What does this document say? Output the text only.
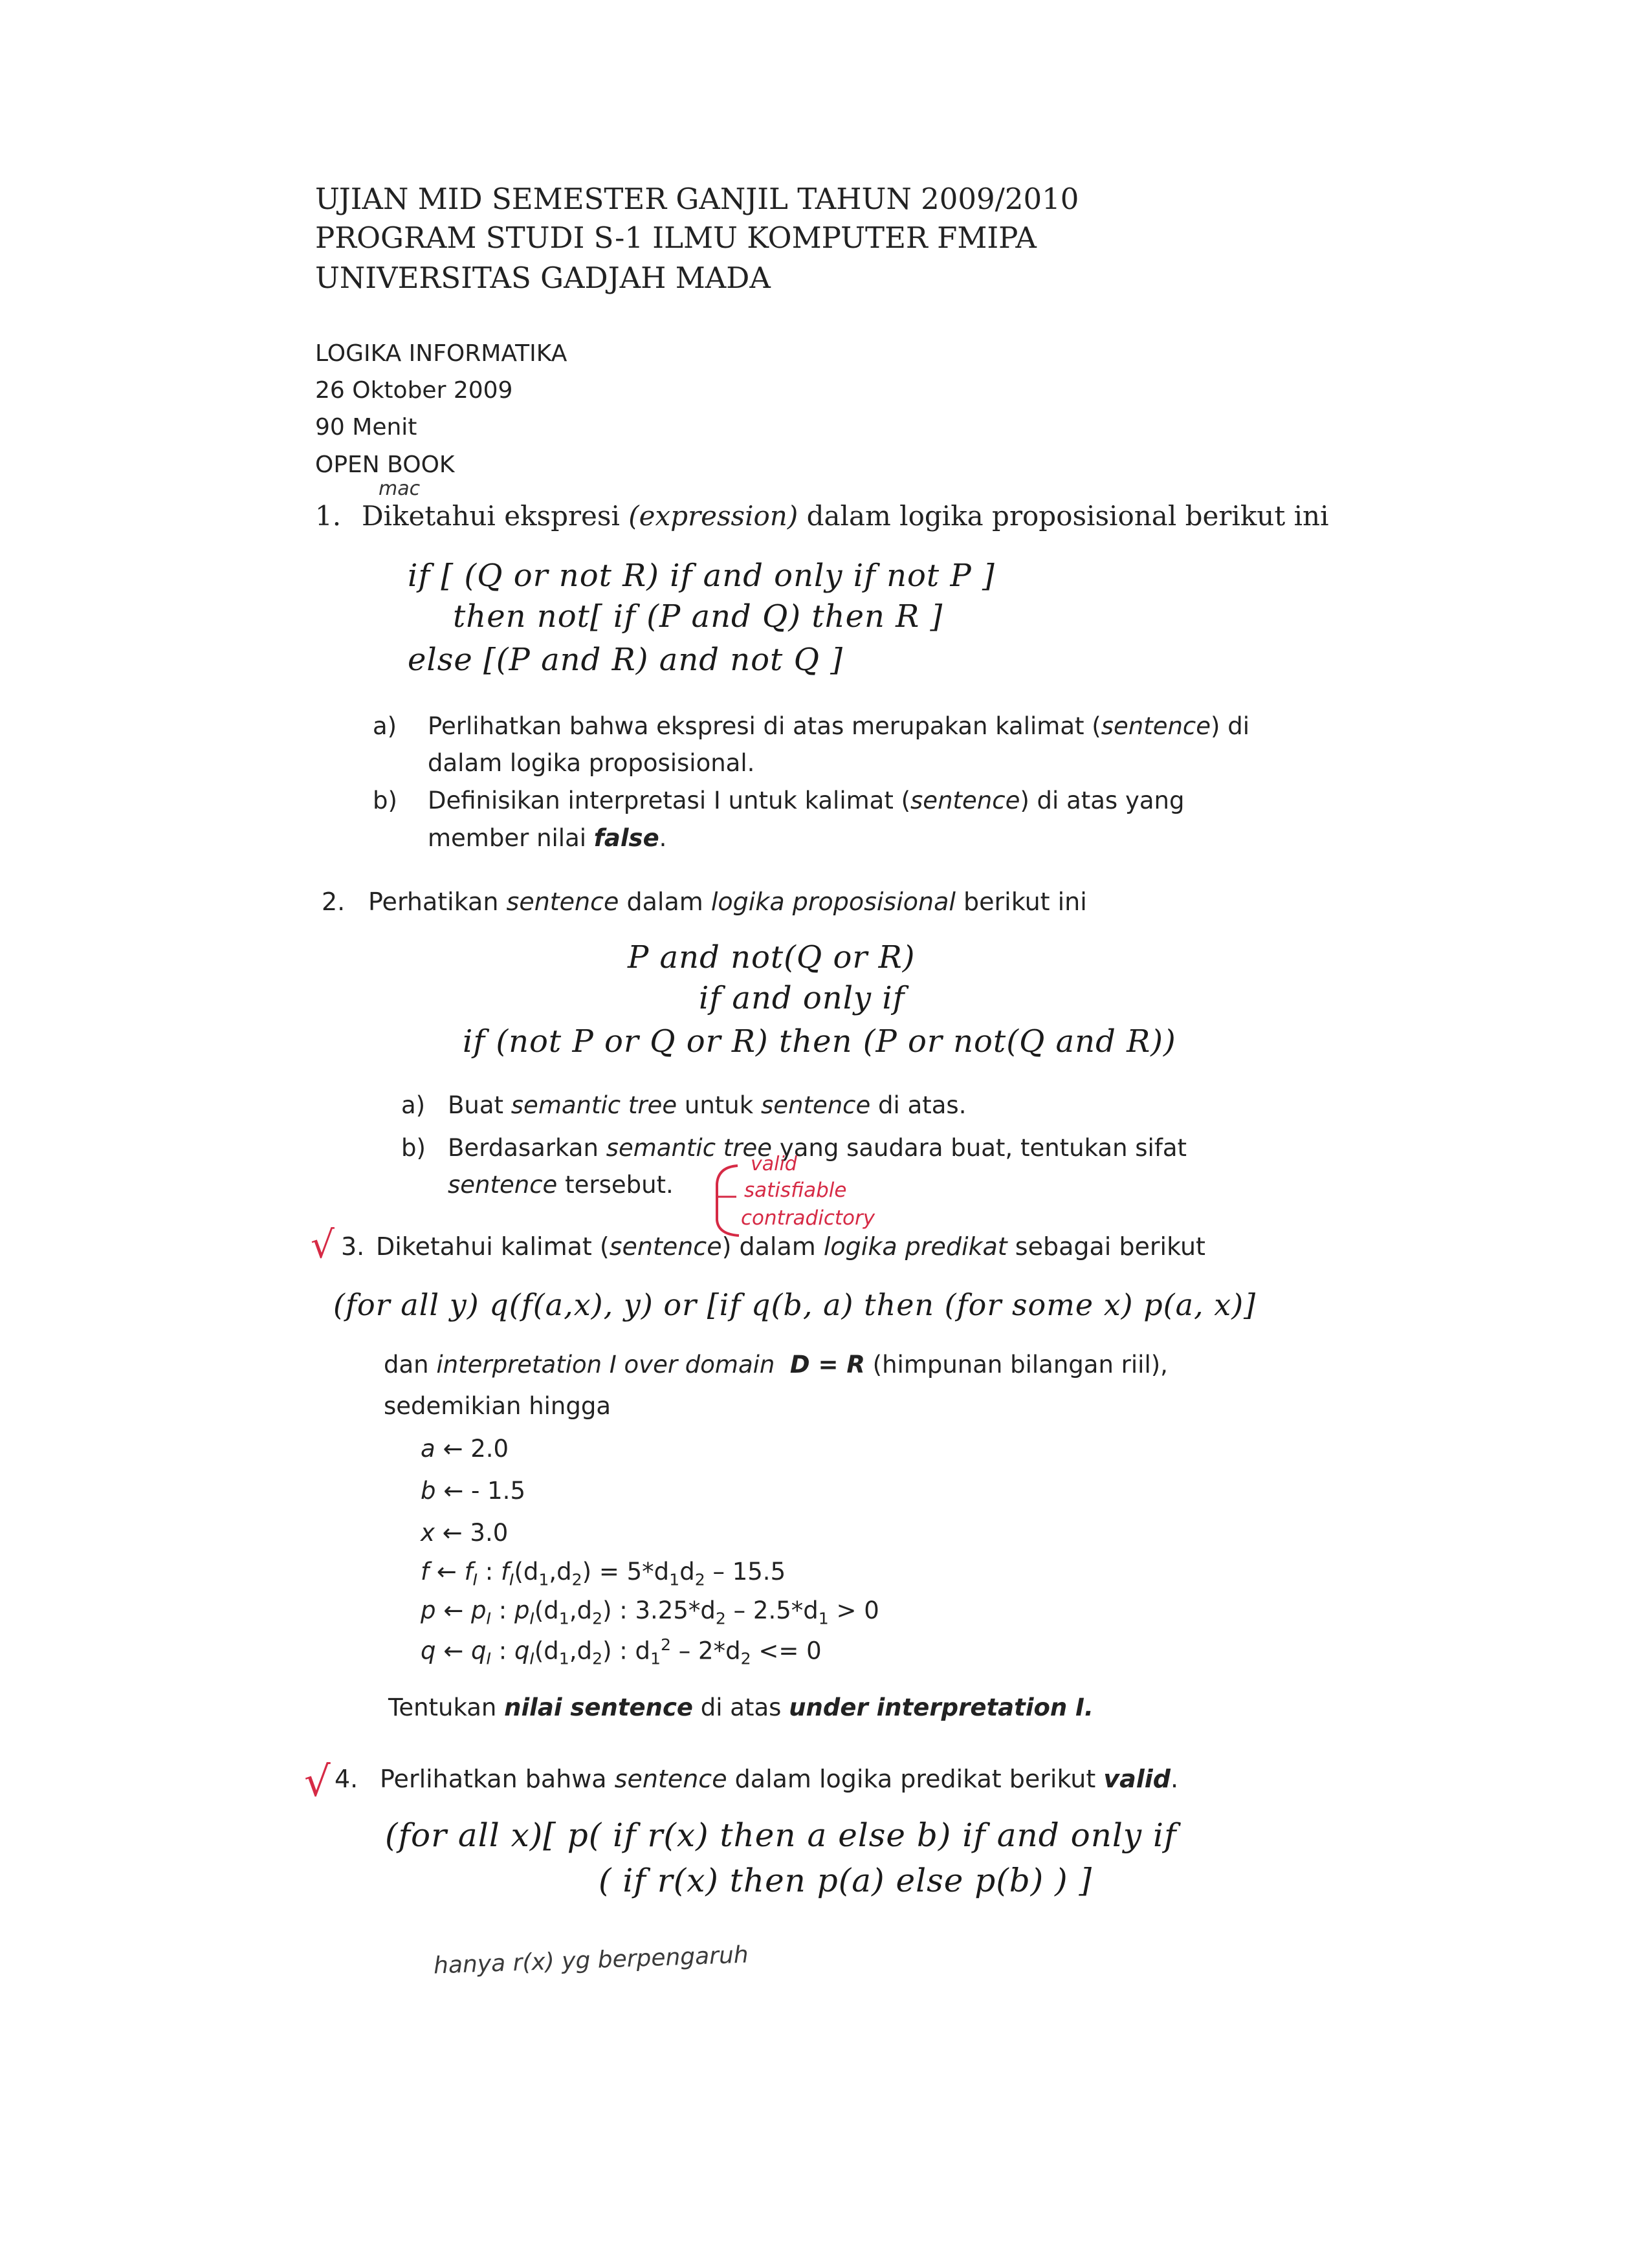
UJIAN MID SEMESTER GANJIL TAHUN 2009/2010
PROGRAM STUDI S-1 ILMU KOMPUTER FMIPA
UNIVERSITAS GADJAH MADA
LOGIKA INFORMATIKA
26 Oktober 2009
90 Menit
OPEN BOOK
mac
1. Diketahui ekspresi (expression) dalam logika proposisional berikut ini
if [ (Q or not R) if and only if not P ]
then not[ if (P and Q) then R ]
else [(P and R) and not Q ]
a) Perlihatkan bahwa ekspresi di atas merupakan kalimat (sentence) di
dalam logika proposisional.
b) Definisikan interpretasi I untuk kalimat (sentence) di atas yang
member nilai false.
2. Perhatikan sentence dalam logika proposisional berikut ini
P and not(Q or R)
if and only if
if (not P or Q or R) then (P or not(Q and R))
a) Buat semantic tree untuk sentence di atas.
b) Berdasarkan semantic tree yang saudara buat, tentukan sifat
sentence tersebut.
valid
satisfiable
contradictory
√ 3. Diketahui kalimat (sentence) dalam logika predikat sebagai berikut
(for all y) q(f(a,x), y) or [if q(b, a) then (for some x) p(a, x)]
dan interpretation I over domain D = R (himpunan bilangan riil),
sedemikian hingga
a ← 2.0
b ← - 1.5
x ← 3.0
f ← $f_I$ : $f_I(d_1,d_2) = 5*d_1d_2 - 15.5$
p ← $p_I$ : $p_I(d_1,d_2)$ : $3.25*d_2 - 2.5*d_1 > 0$
q ← $q_I$ : $q_I(d_1,d_2)$ : $d_1^2 - 2*d_2 <= 0$
Tentukan nilai sentence di atas under interpretation I.
√ 4. Perlihatkan bahwa sentence dalam logika predikat berikut valid.
(for all x)[ p( if r(x) then a else b) if and only if
( if r(x) then p(a) else p(b) ) ]
hanya r(x) yg berpengaruh
